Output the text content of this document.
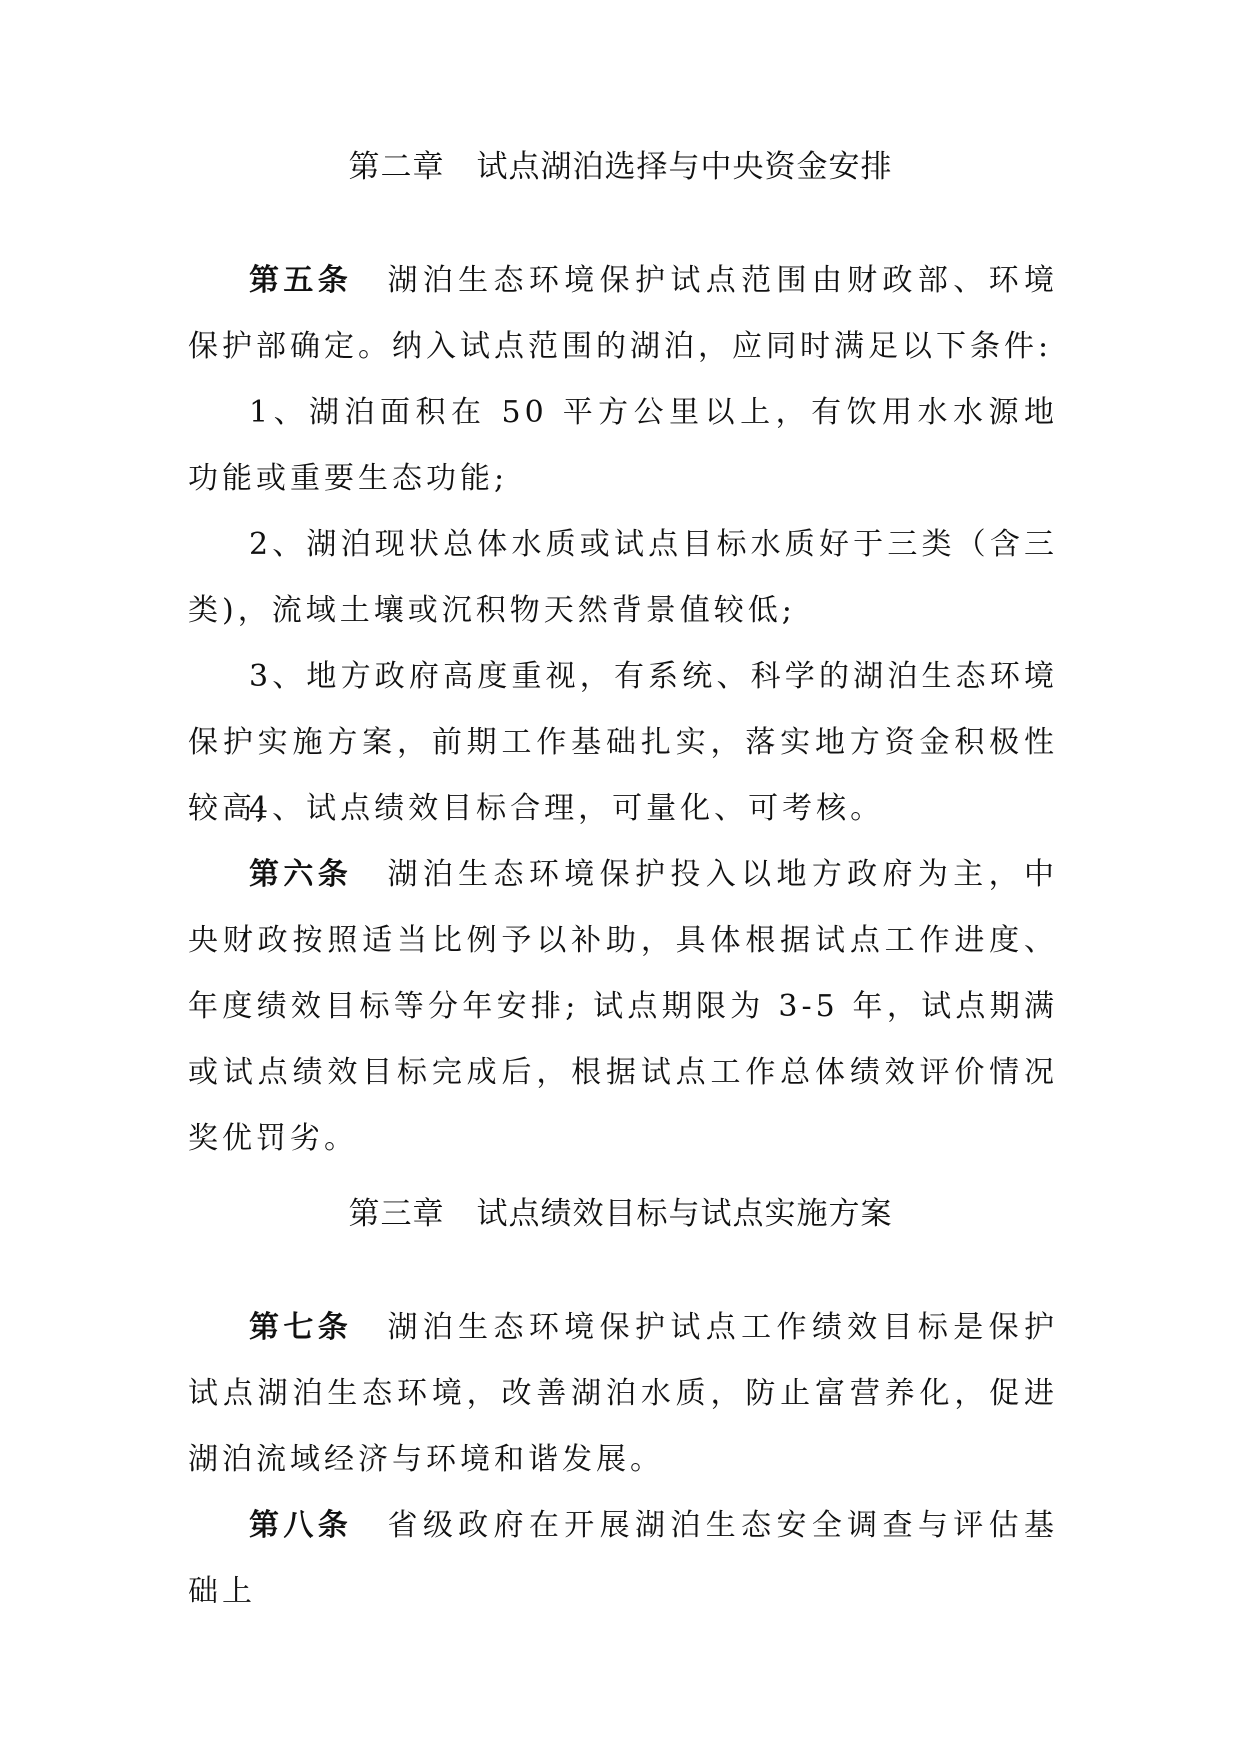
第二章　试点湖泊选择与中央资金安排

第五条 湖泊生态环境保护试点范围由财政部、环境保护部确定。纳入试点范围的湖泊，应同时满足以下条件:

1、湖泊面积在 50 平方公里以上，有饮用水水源地功能或重要生态功能;

2、湖泊现状总体水质或试点目标水质好于三类（含三类)，流域土壤或沉积物天然背景值较低;

3、地方政府高度重视，有系统、科学的湖泊生态环境保护实施方案，前期工作基础扎实，落实地方资金积极性较高;

4、试点绩效目标合理，可量化、可考核。

第六条 湖泊生态环境保护投入以地方政府为主，中央财政按照适当比例予以补助，具体根据试点工作进度、年度绩效目标等分年安排; 试点期限为 3-5 年，试点期满或试点绩效目标完成后，根据试点工作总体绩效评价情况奖优罚劣。

第三章　试点绩效目标与试点实施方案

第七条 湖泊生态环境保护试点工作绩效目标是保护试点湖泊生态环境，改善湖泊水质，防止富营养化，促进湖泊流域经济与环境和谐发展。

第八条 省级政府在开展湖泊生态安全调查与评估基础上
